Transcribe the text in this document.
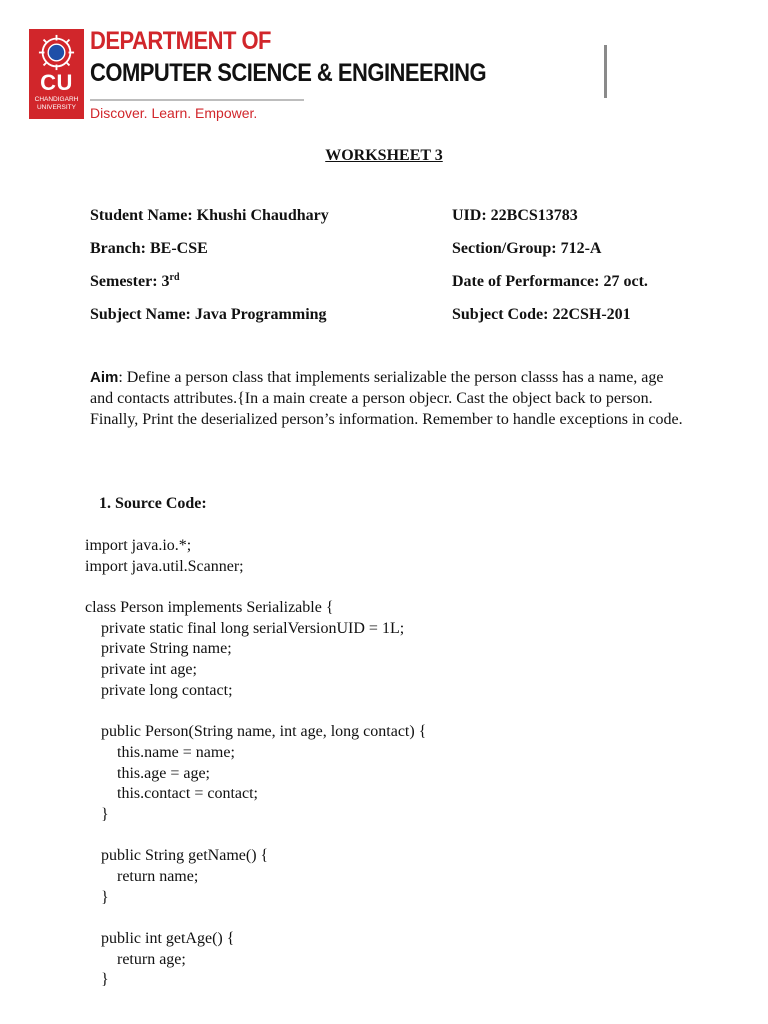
CU
CHANDIGARH UNIVERSITY
DEPARTMENT OF
COMPUTER SCIENCE & ENGINEERING
Discover. Learn. Empower.
WORKSHEET 3
Student Name: Khushi Chaudhary	UID: 22BCS13783
Branch: BE-CSE	Section/Group: 712-A
Semester: 3rd	Date of Performance: 27 oct.
Subject Name: Java Programming	Subject Code: 22CSH-201
Aim: Define a person class that implements serializable the person classs has a name, age and contacts attributes.{In a main create a person objecr. Cast the object back to person. Finally, Print the deserialized person’s information. Remember to handle exceptions in code.
1. Source Code:
import java.io.*;
import java.util.Scanner;
class Person implements Serializable {
private static final long serialVersionUID = 1L;
private String name;
private int age;
private long contact;
public Person(String name, int age, long contact) {
this.name = name;
this.age = age;
this.contact = contact;
}
public String getName() {
return name;
}
public int getAge() {
return age;
}
